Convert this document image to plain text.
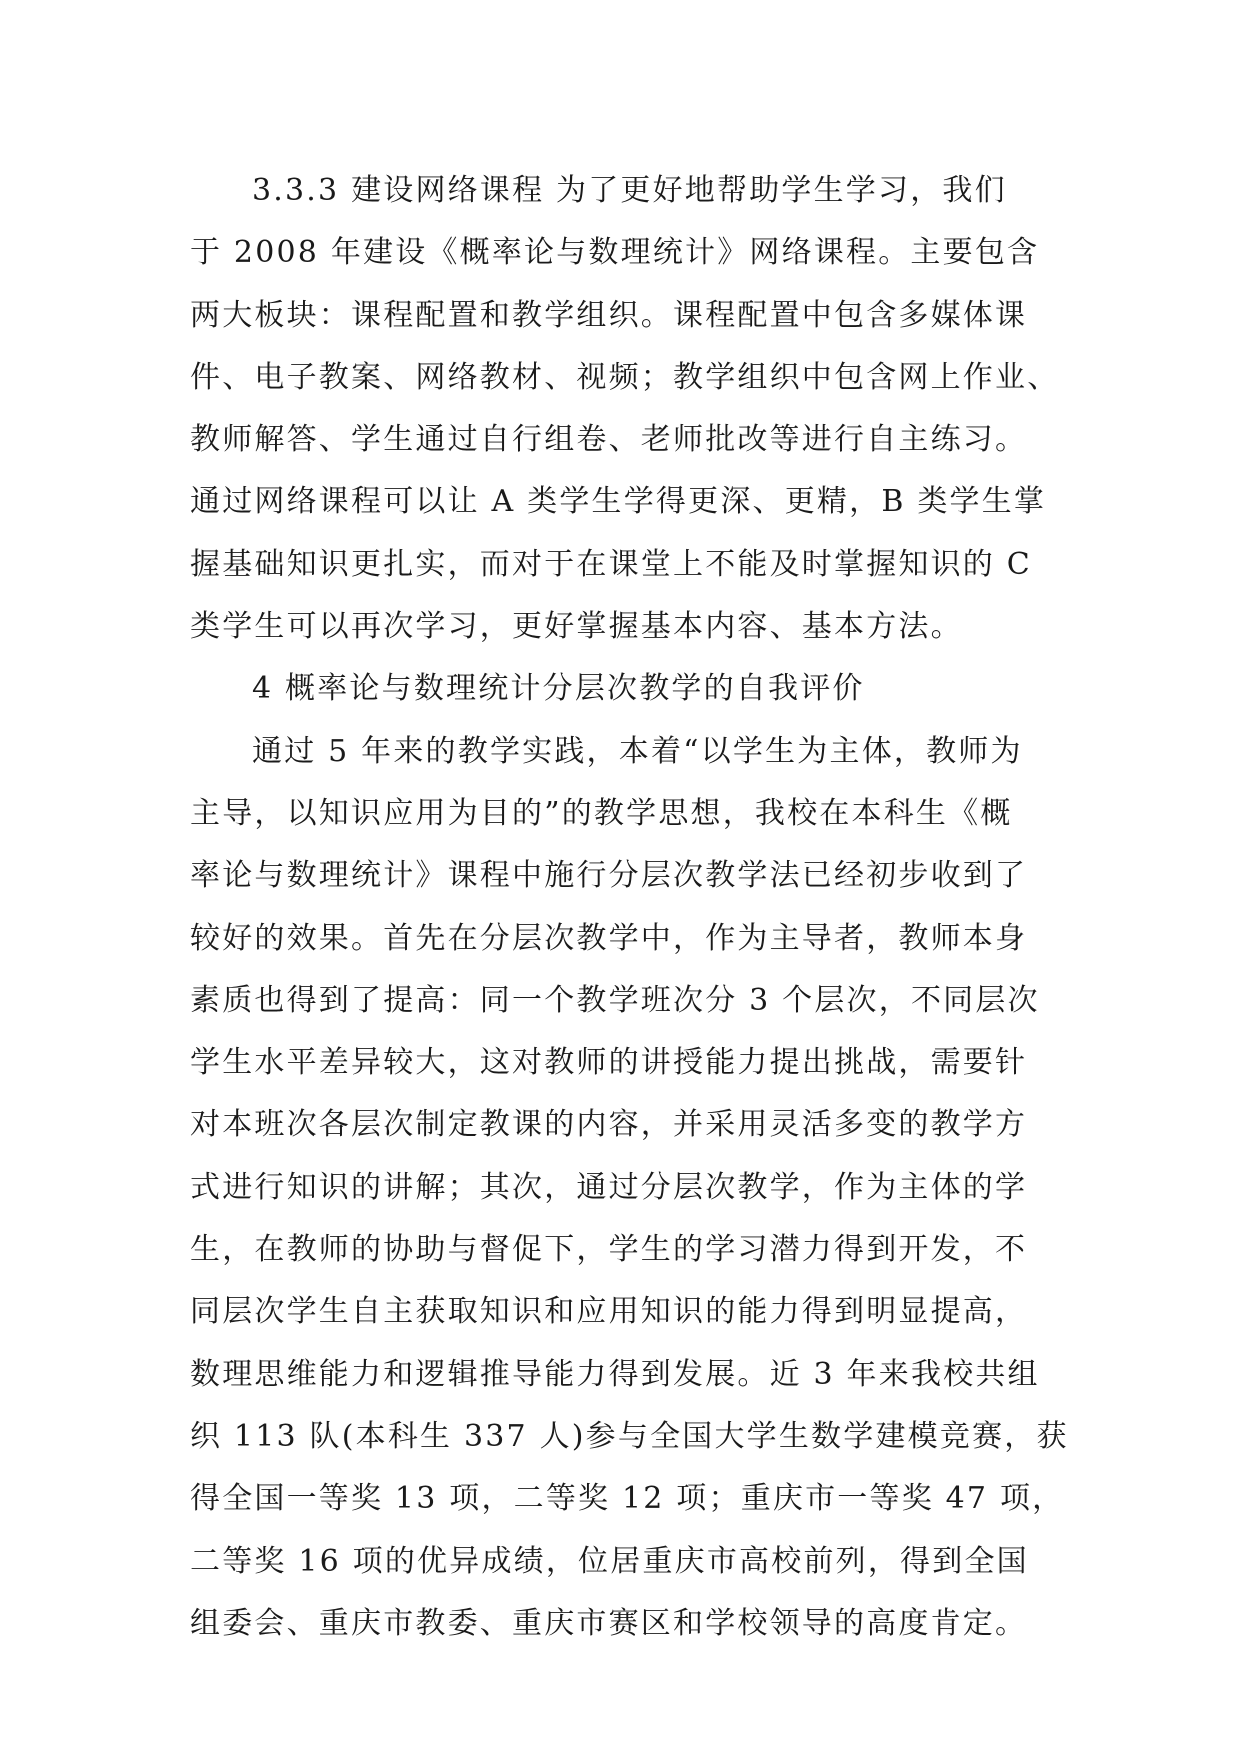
3.3.3 建设网络课程 为了更好地帮助学生学习，我们
于 2008 年建设《概率论与数理统计》网络课程。主要包含
两大板块：课程配置和教学组织。课程配置中包含多媒体课
件、电子教案、网络教材、视频；教学组织中包含网上作业、
教师解答、学生通过自行组卷、老师批改等进行自主练习。
通过网络课程可以让 A 类学生学得更深、更精，B 类学生掌
握基础知识更扎实，而对于在课堂上不能及时掌握知识的 C
类学生可以再次学习，更好掌握基本内容、基本方法。
4 概率论与数理统计分层次教学的自我评价
通过 5 年来的教学实践，本着“以学生为主体，教师为
主导，以知识应用为目的”的教学思想，我校在本科生《概
率论与数理统计》课程中施行分层次教学法已经初步收到了
较好的效果。首先在分层次教学中，作为主导者，教师本身
素质也得到了提高：同一个教学班次分 3 个层次，不同层次
学生水平差异较大，这对教师的讲授能力提出挑战，需要针
对本班次各层次制定教课的内容，并采用灵活多变的教学方
式进行知识的讲解；其次，通过分层次教学，作为主体的学
生，在教师的协助与督促下，学生的学习潜力得到开发，不
同层次学生自主获取知识和应用知识的能力得到明显提高，
数理思维能力和逻辑推导能力得到发展。近 3 年来我校共组
织 113 队(本科生 337 人)参与全国大学生数学建模竞赛，获
得全国一等奖 13 项，二等奖 12 项；重庆市一等奖 47 项，
二等奖 16 项的优异成绩，位居重庆市高校前列，得到全国
组委会、重庆市教委、重庆市赛区和学校领导的高度肯定。
